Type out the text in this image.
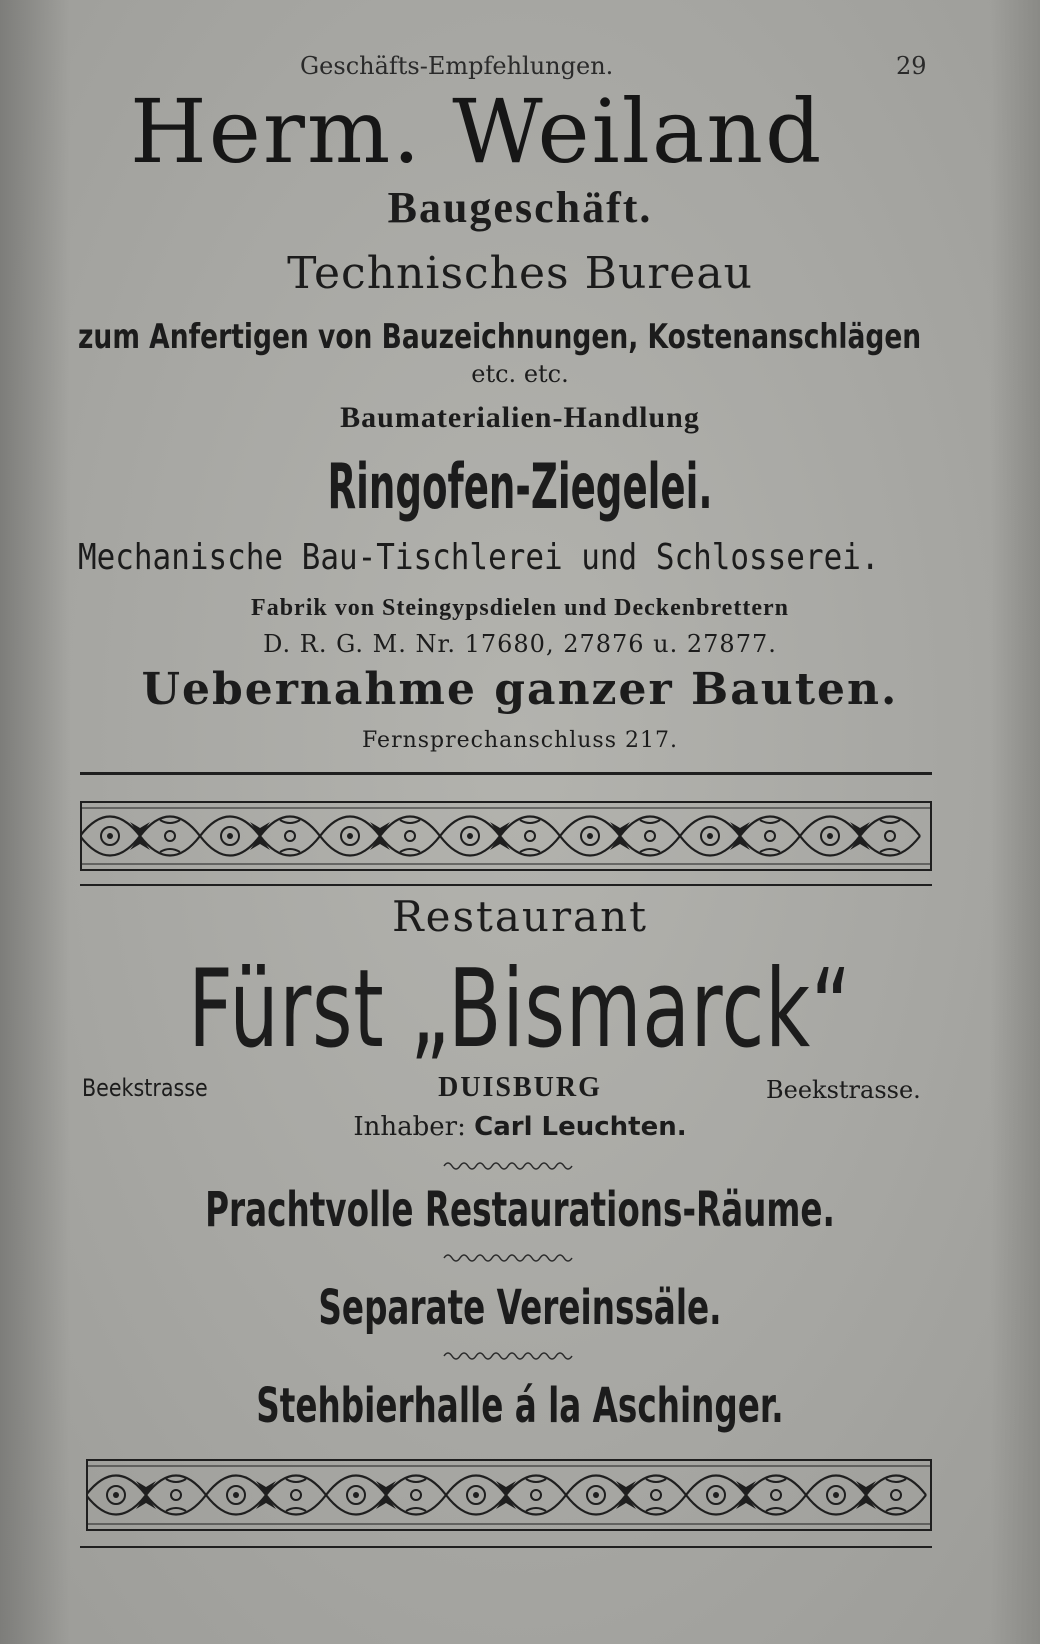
Geschäfts-Empfehlungen.	29
Herm. Weiland
Baugeschäft.
Technisches Bureau
zum Anfertigen von Bauzeichnungen, Kostenanschlägen
etc. etc.
Baumaterialien-Handlung
Ringofen-Ziegelei.
Mechanische Bau-Tischlerei und Schlosserei.
Fabrik von Steingypsdielen und Deckenbrettern
D. R. G. M. Nr. 17680, 27876 u. 27877.
Uebernahme ganzer Bauten.
Fernsprechanschluss 217.
Restaurant
Fürst „Bismarck“
Beekstrasse	DUISBURG	Beekstrasse.
Inhaber: Carl Leuchten.
Prachtvolle Restaurations-Räume.
Separate Vereinssäle.
Stehbierhalle á la Aschinger.
